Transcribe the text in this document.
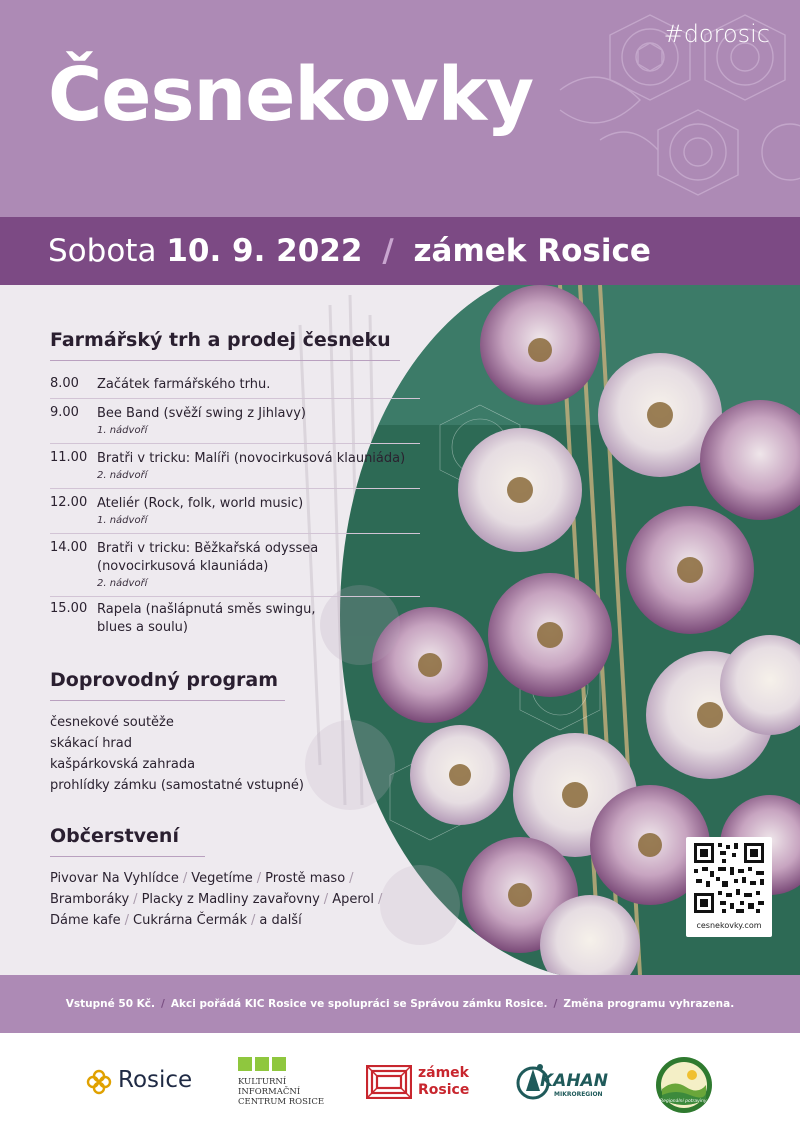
#dorosic
Česnekovky
Sobota 10. 9. 2022 / zámek Rosice
Farmářský trh a prodej česneku
8.00 Začátek farmářského trhu.
9.00 Bee Band (svěží swing z Jihlavy)
1. nádvoří
11.00 Bratři v tricku: Malíři (novocirkusová klauniáda)
2. nádvoří
12.00 Ateliér (Rock, folk, world music)
1. nádvoří
14.00 Bratři v tricku: Běžkařská odyssea
(novocirkusová klauniáda)
2. nádvoří
15.00 Rapela (našlápnutá směs swingu,
blues a soulu)
Doprovodný program
česnekové soutěže
skákací hrad
kašpárkovská zahrada
prohlídky zámku (samostatné vstupné)
Občerstvení
Pivovar Na Vyhlídce / Vegetíme / Prostě maso /
Bramboráky / Placky z Madliny zavařovny / Aperol /
Dáme kafe / Cukrárna Čermák / a další	cesnekovky.com
Vstupné 50 Kč. / Akci pořádá KIC Rosice ve spolupráci se Správou zámku Rosice. / Změna programu vyhrazena.
Rosice	KULTURNÍ
INFORMAČNÍ
CENTRUM ROSICE
zámek
Rosice	KAHAN
MIKROREGION
Regionální potraviny
